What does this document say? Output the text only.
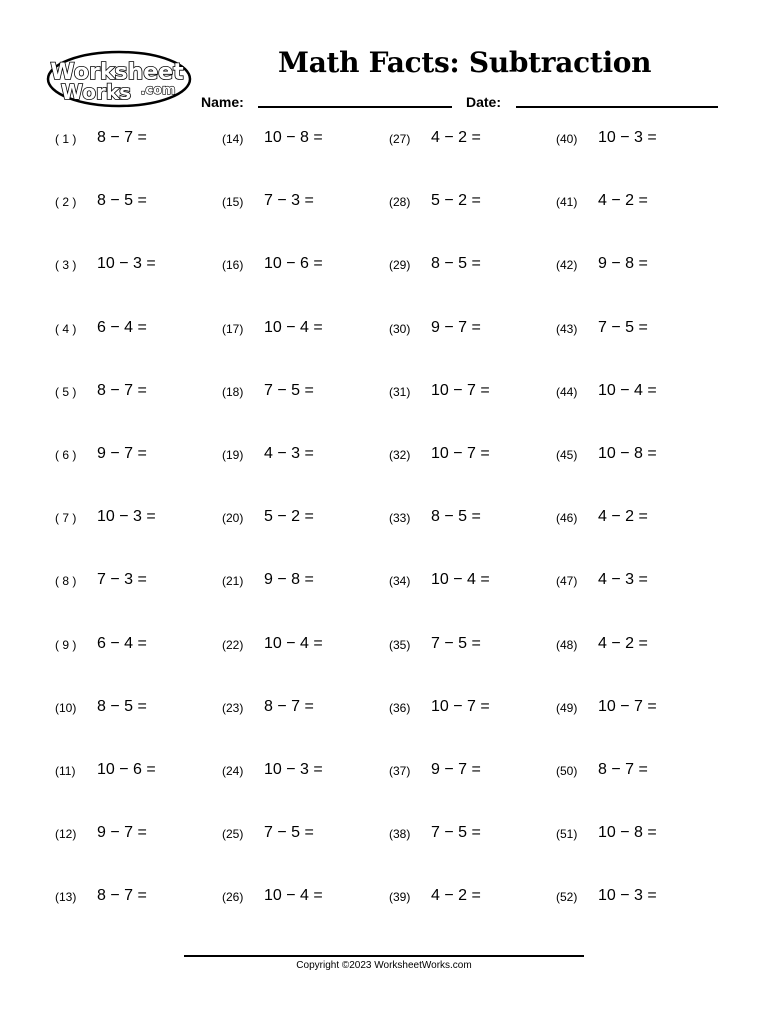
Worksheet
Works .com
Math Facts: Subtraction
Name:	Date:
( 1 ) 8 − 7 =
( 2 ) 8 − 5 =
( 3 ) 10 − 3 =
( 4 ) 6 − 4 =
( 5 ) 8 − 7 =
( 6 ) 9 − 7 =
( 7 ) 10 − 3 =
( 8 ) 7 − 3 =
( 9 ) 6 − 4 =
(10) 8 − 5 =
(11) 10 − 6 =
(12) 9 − 7 =
(13) 8 − 7 =
(14) 10 − 8 =
(15) 7 − 3 =
(16) 10 − 6 =
(17) 10 − 4 =
(18) 7 − 5 =
(19) 4 − 3 =
(20) 5 − 2 =
(21) 9 − 8 =
(22) 10 − 4 =
(23) 8 − 7 =
(24) 10 − 3 =
(25) 7 − 5 =
(26) 10 − 4 =
(27) 4 − 2 =
(28) 5 − 2 =
(29) 8 − 5 =
(30) 9 − 7 =
(31) 10 − 7 =
(32) 10 − 7 =
(33) 8 − 5 =
(34) 10 − 4 =
(35) 7 − 5 =
(36) 10 − 7 =
(37) 9 − 7 =
(38) 7 − 5 =
(39) 4 − 2 =
(40) 10 − 3 =
(41) 4 − 2 =
(42) 9 − 8 =
(43) 7 − 5 =
(44) 10 − 4 =
(45) 10 − 8 =
(46) 4 − 2 =
(47) 4 − 3 =
(48) 4 − 2 =
(49) 10 − 7 =
(50) 8 − 7 =
(51) 10 − 8 =
(52) 10 − 3 =
Copyright ©2023 WorksheetWorks.com
